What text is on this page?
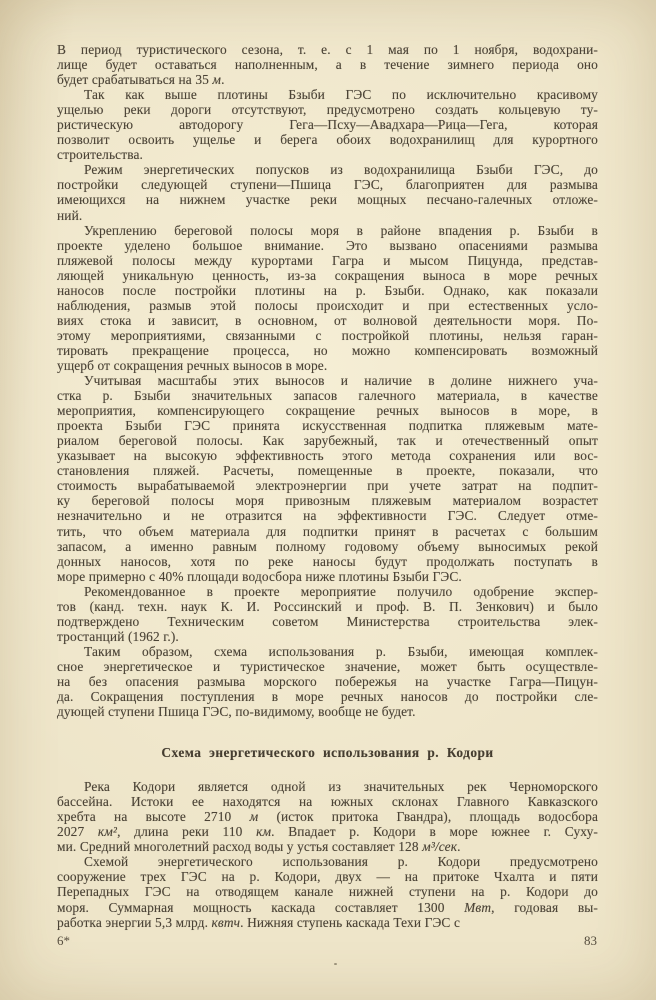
В период туристического сезона, т. е. с 1 мая по 1 ноября, водохрани-
лище будет оставаться наполненным, а в течение зимнего периода оно
будет срабатываться на 35 м.
Так как выше плотины Бзыби ГЭС по исключительно красивому
ущелью реки дороги отсутствуют, предусмотрено создать кольцевую ту-
ристическую автодорогу Гега—Псху—Авадхара—Рица—Гега, которая
позволит освоить ущелье и берега обоих водохранилищ для курортного
строительства.
Режим энергетических попусков из водохранилища Бзыби ГЭС, до
постройки следующей ступени—Пшица ГЭС, благоприятен для размыва
имеющихся на нижнем участке реки мощных песчано-галечных отложе-
ний.
Укреплению береговой полосы моря в районе впадения р. Бзыби в
проекте уделено большое внимание. Это вызвано опасениями размыва
пляжевой полосы между курортами Гагра и мысом Пицунда, представ-
ляющей уникальную ценность, из-за сокращения выноса в море речных
наносов после постройки плотины на р. Бзыби. Однако, как показали
наблюдения, размыв этой полосы происходит и при естественных усло-
виях стока и зависит, в основном, от волновой деятельности моря. По-
этому мероприятиями, связанными с постройкой плотины, нельзя гаран-
тировать прекращение процесса, но можно компенсировать возможный
ущерб от сокращения речных выносов в море.
Учитывая масштабы этих выносов и наличие в долине нижнего уча-
стка р. Бзыби значительных запасов галечного материала, в качестве
мероприятия, компенсирующего сокращение речных выносов в море, в
проекта Бзыби ГЭС принята искусственная подпитка пляжевым мате-
риалом береговой полосы. Как зарубежный, так и отечественный опыт
указывает на высокую эффективность этого метода сохранения или вос-
становления пляжей. Расчеты, помещенные в проекте, показали, что
стоимость вырабатываемой электроэнергии при учете затрат на подпит-
ку береговой полосы моря привозным пляжевым материалом возрастет
незначительно и не отразится на эффективности ГЭС. Следует отме-
тить, что объем материала для подпитки принят в расчетах с большим
запасом, а именно равным полному годовому объему выносимых рекой
донных наносов, хотя по реке наносы будут продолжать поступать в
море примерно с 40% площади водосбора ниже плотины Бзыби ГЭС.
Рекомендованное в проекте мероприятие получило одобрение экспер-
тов (канд. техн. наук К. И. Россинский и проф. В. П. Зенкович) и было
подтверждено Техническим советом Министерства строительства элек-
тростанций (1962 г.).
Таким образом, схема использования р. Бзыби, имеющая комплек-
сное энергетическое и туристическое значение, может быть осуществле-
на без опасения размыва морского побережья на участке Гагра—Пицун-
да. Сокращения поступления в море речных наносов до постройки сле-
дующей ступени Пшица ГЭС, по-видимому, вообще не будет.
Схема энергетического использования р. Кодори
Река Кодори является одной из значительных рек Черноморского
бассейна. Истоки ее находятся на южных склонах Главного Кавказского
хребта на высоте 2710 м (исток притока Гвандра), площадь водосбора
2027 км², длина реки 110 км. Впадает р. Кодори в море южнее г. Суху-
ми. Средний многолетний расход воды у устья составляет 128 м³/сек.
Схемой энергетического использования р. Кодори предусмотрено
сооружение трех ГЭС на р. Кодори, двух — на притоке Чхалта и пяти
Перепадных ГЭС на отводящем канале нижней ступени на р. Кодори до
моря. Суммарная мощность каскада составляет 1300 Мвт, годовая вы-
работка энергии 5,3 млрд. квтч. Нижняя ступень каскада Техи ГЭС с
6*	83
